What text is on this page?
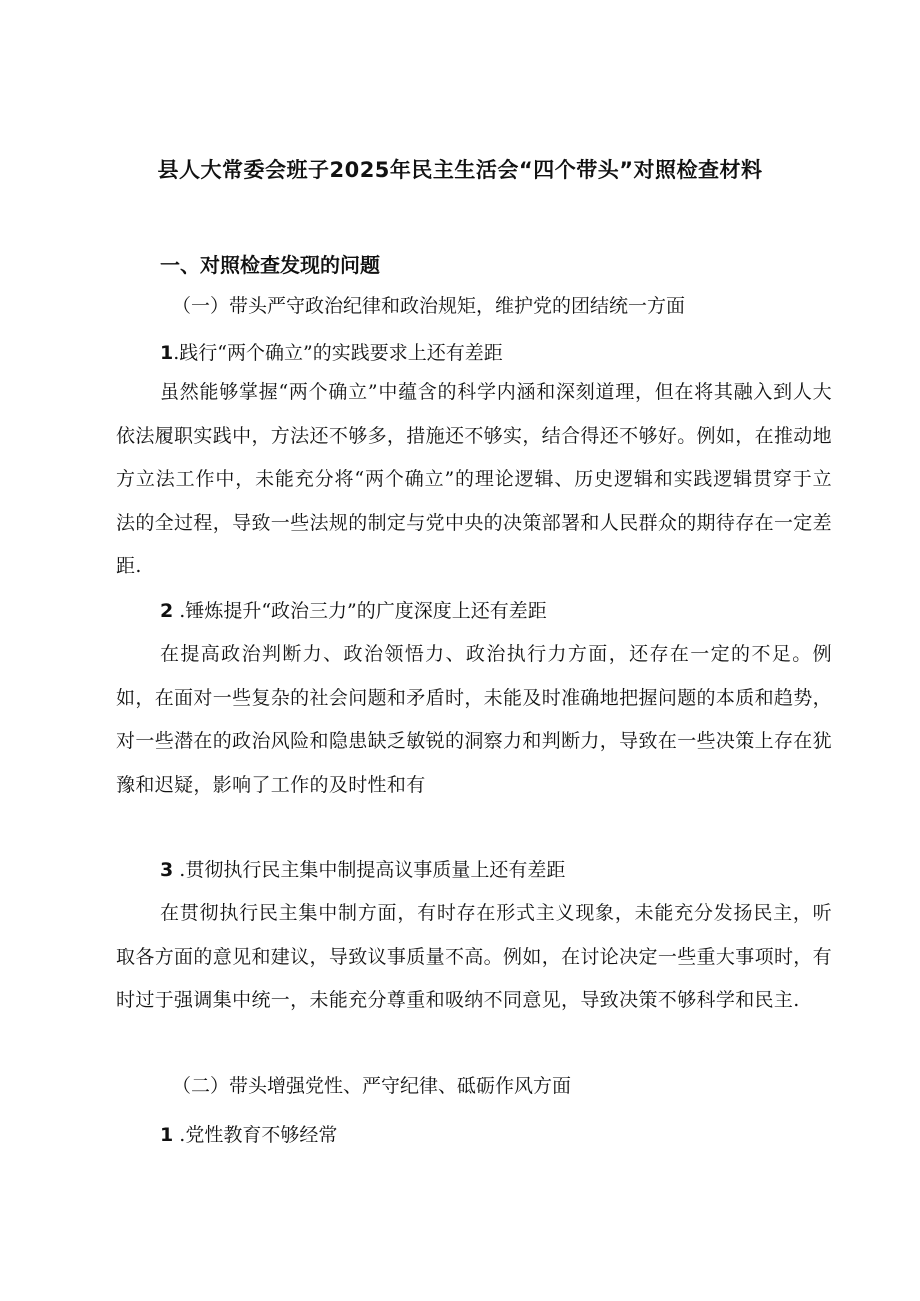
县人大常委会班子2025年民主生活会“四个带头”对照检查材料
一、对照检查发现的问题
（一）带头严守政治纪律和政治规矩，维护党的团结统一方面
1.践行“两个确立”的实践要求上还有差距

虽然能够掌握“两个确立”中蕴含的科学内涵和深刻道理，但在将其融入到人大依法履职实践中，方法还不够多，措施还不够实，结合得还不够好。例如，在推动地方立法工作中，未能充分将“两个确立”的理论逻辑、历史逻辑和实践逻辑贯穿于立法的全过程，导致一些法规的制定与党中央的决策部署和人民群众的期待存在一定差距.

2 .锤炼提升“政治三力”的广度深度上还有差距

在提高政治判断力、政治领悟力、政治执行力方面，还存在一定的不足。例如，在面对一些复杂的社会问题和矛盾时，未能及时准确地把握问题的本质和趋势，对一些潜在的政治风险和隐患缺乏敏锐的洞察力和判断力，导致在一些决策上存在犹豫和迟疑，影响了工作的及时性和有

3 .贯彻执行民主集中制提高议事质量上还有差距

在贯彻执行民主集中制方面，有时存在形式主义现象，未能充分发扬民主，听取各方面的意见和建议，导致议事质量不高。例如，在讨论决定一些重大事项时，有时过于强调集中统一，未能充分尊重和吸纳不同意见，导致决策不够科学和民主.

（二）带头增强党性、严守纪律、砥砺作风方面
1 .党性教育不够经常
